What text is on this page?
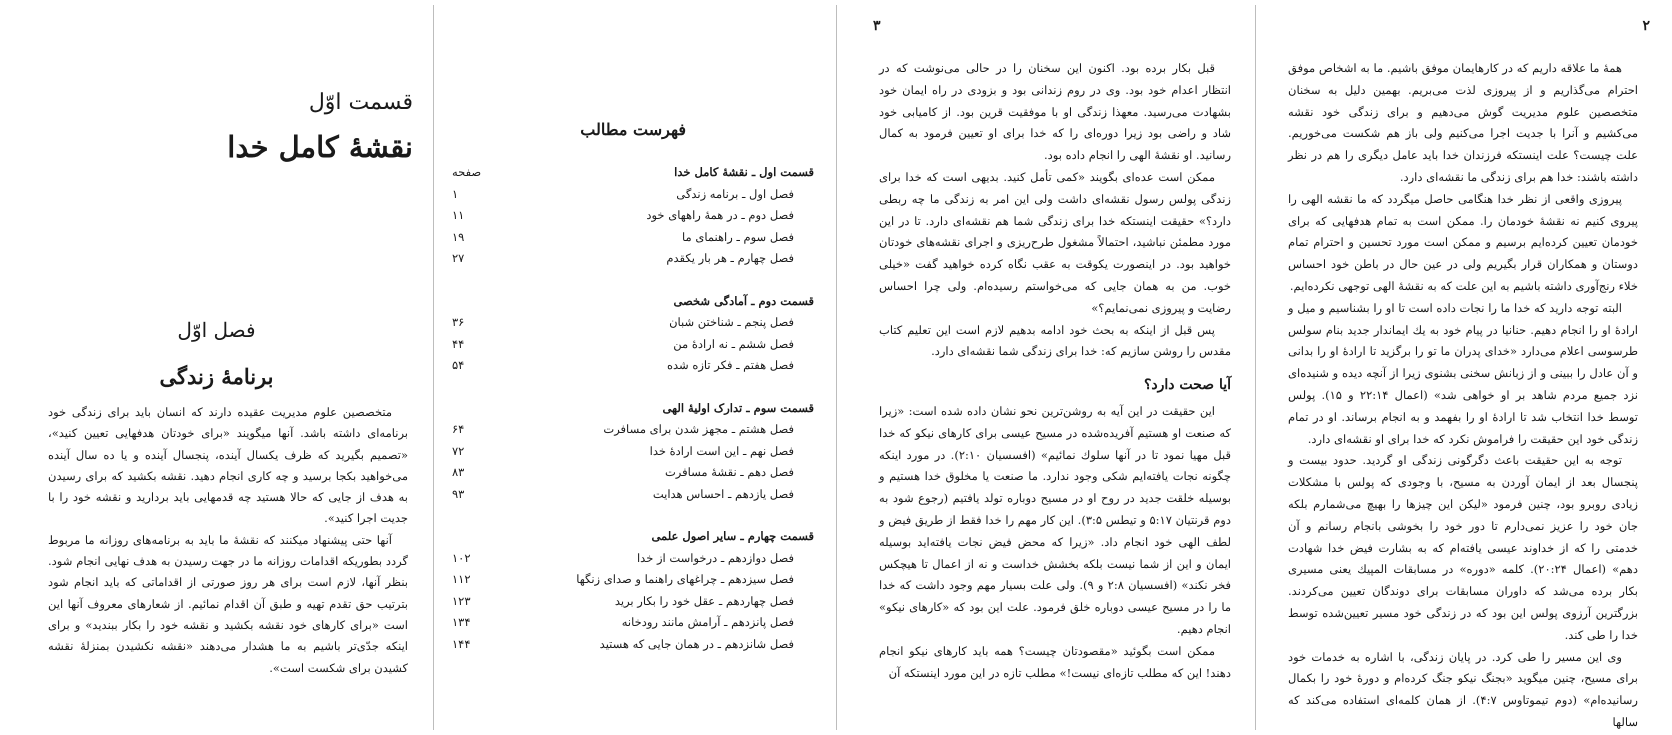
قسمت اوّل
نقشهٔ کامل خدا
فصل اوّل
برنامهٔ زندگی

متخصصین علوم مدیریت عقیده دارند که انسان باید برای زندگی خود برنامه‌ای داشته باشد. آنها میگویند «برای خودتان هدفهایی تعیین کنید»، «تصمیم بگیرید که ظرف یکسال آینده، پنجسال آینده و یا ده سال آینده می‌خواهید بکجا برسید و چه کاری انجام دهید. نقشه بکشید که برای رسیدن به هدف از جایی که حالا هستید چه قدمهایی باید بردارید و نقشه خود را با جدیت اجرا کنید».

آنها حتی پیشنهاد میکنند که نقشهٔ ما باید به برنامه‌های روزانه ما مربوط گردد بطوریکه اقدامات روزانه ما در جهت رسیدن به هدف نهایی انجام شود. بنظر آنها، لازم است برای هر روز صورتی از اقداماتی که باید انجام شود بترتیب حق تقدم تهیه و طبق آن اقدام نمائیم. از شعارهای معروف آنها این است «برای کارهای خود نقشه بکشید و نقشه خود را بکار ببندید» و برای اینکه جدّی‌تر باشیم به ما هشدار می‌دهند «نقشه نکشیدن بمنزلهٔ نقشه کشیدن برای شکست است».

فهرست مطالب
قسمت اول ـ نقشهٔ کامل خدا
صفحه
فصل اول ـ برنامه زندگی
۱
فصل دوم ـ در همهٔ راههای خود
۱۱
فصل سوم ـ راهنمای ما
۱۹
فصل چهارم ـ هر بار یکقدم
۲۷
قسمت دوم ـ آمادگی شخصی
فصل پنجم ـ شناختن شبان
۳۶
فصل ششم ـ نه ارادهٔ من
۴۴
فصل هفتم ـ فکر تازه شده
۵۴
قسمت سوم ـ تدارک اولیهٔ الهی
فصل هشتم ـ مجهز شدن برای مسافرت
۶۴
فصل نهم ـ این است ارادهٔ خدا
۷۲
فصل دهم ـ نقشهٔ مسافرت
۸۳
فصل یازدهم ـ احساس هدایت
۹۳
قسمت چهارم ـ سایر اصول علمی
فصل دوازدهم ـ درخواست از خدا
۱۰۲
فصل سیزدهم ـ چراغهای راهنما و صدای زنگها
۱۱۲
فصل چهاردهم ـ عقل خود را بکار برید
۱۲۳
فصل پانزدهم ـ آرامش مانند رودخانه
۱۳۴
فصل شانزدهم ـ در همان جایی که هستید
۱۴۴
۳

قبل بکار برده بود. اکنون این سخنان را در حالی می‌نوشت که در انتظار اعدام خود بود. وی در روم زندانی بود و بزودی در راه ایمان خود بشهادت می‌رسید. معهذا زندگی او با موفقیت قرین بود. از کامیابی خود شاد و راضی بود زیرا دوره‌ای را که خدا برای او تعیین فرمود به کمال رسانید. او نقشهٔ الهی را انجام داده بود.

ممکن است عده‌ای بگویند «کمی تأمل کنید. بدیهی است که خدا برای زندگی پولس رسول نقشه‌ای داشت ولی این امر به زندگی ما چه ربطی دارد؟» حقیقت اینستکه خدا برای زندگی شما هم نقشه‌ای دارد. تا در این مورد مطمئن نباشید، احتمالاً مشغول طرح‌ریزی و اجرای نقشه‌های خودتان خواهید بود. در اینصورت یکوقت به عقب نگاه کرده خواهید گفت «خیلی خوب. من به همان جایی که می‌خواستم رسیده‌ام. ولی چرا احساس رضایت و پیروزی نمی‌نمایم؟»

پس قبل از اینکه به بحث خود ادامه بدهیم لازم است این تعلیم کتاب مقدس را روشن سازیم که: خدا برای زندگی شما نقشه‌ای دارد.

آیا صحت دارد؟

این حقیقت در این آیه به روشن‌ترین نحو نشان داده شده است: «زیرا که صنعت او هستیم آفریده‌شده در مسیح عیسی برای کارهای نیکو که خدا قبل مهیا نمود تا در آنها سلوك نمائیم» (افسسیان ۲:۱۰). در مورد اینکه چگونه نجات یافته‌ایم شکی وجود ندارد. ما صنعت یا مخلوق خدا هستیم و بوسیله خلقت جدید در روح او در مسیح دوباره تولد یافتیم (رجوع شود به دوم قرنتیان ۵:۱۷ و تیطس ۳:۵). این کار مهم را خدا فقط از طریق فیض و لطف الهی خود انجام داد. «زیرا که محض فیض نجات یافته‌اید بوسیله ایمان و این از شما نیست بلکه بخشش خداست و نه از اعمال تا هیچکس فخر نکند» (افسسیان ۲:۸ و ۹). ولی علت بسیار مهم وجود داشت که خدا ما را در مسیح عیسی دوباره خلق فرمود. علت این بود که «کارهای نیکو» انجام دهیم.

ممکن است بگوئید «مقصودتان چیست؟ همه باید کارهای نیکو انجام دهند! این که مطلب تازه‌ای نیست!» مطلب تازه در این مورد اینستکه آن

۲

همهٔ ما علاقه داریم که در کارهایمان موفق باشیم. ما به اشخاص موفق احترام می‌گذاریم و از پیروزی لذت می‌بریم. بهمین دلیل به سخنان متخصصین علوم مدیریت گوش می‌دهیم و برای زندگی خود نقشه می‌کشیم و آنرا با جدیت اجرا می‌کنیم ولی باز هم شکست می‌خوریم. علت چیست؟ علت اینستکه فرزندان خدا باید عامل دیگری را هم در نظر داشته باشند: خدا هم برای زندگی ما نقشه‌ای دارد.

پیروزی واقعی از نظر خدا هنگامی حاصل میگردد که ما نقشه الهی را پیروی کنیم نه نقشهٔ خودمان را. ممکن است به تمام هدفهایی که برای خودمان تعیین کرده‌ایم برسیم و ممکن است مورد تحسین و احترام تمام دوستان و همکاران قرار بگیریم ولی در عین حال در باطن خود احساس خلاء رنج‌آوری داشته باشیم به این علت که به نقشهٔ الهی توجهی نکرده‌ایم.

البته توجه دارید که خدا ما را نجات داده است تا او را بشناسیم و میل و ارادهٔ او را انجام دهیم. حنانیا در پیام خود به یك ایماندار جدید بنام سولس طرسوسی اعلام می‌دارد «خدای پدران ما تو را برگزید تا ارادهٔ او را بدانی و آن عادل را ببینی و از زبانش سخنی بشنوی زیرا از آنچه دیده و شنیده‌ای نزد جمیع مردم شاهد بر او خواهی شد» (اعمال ۲۲:۱۴ و ۱۵). پولس توسط خدا انتخاب شد تا ارادهٔ او را بفهمد و به انجام برساند. او در تمام زندگی خود این حقیقت را فراموش نکرد که خدا برای او نقشه‌ای دارد.

توجه به این حقیقت باعث دگرگونی زندگی او گردید. حدود بیست و پنجسال بعد از ایمان آوردن به مسیح، با وجودی که پولس با مشکلات زیادی روبرو بود، چنین فرمود «لیکن این چیزها را بهیچ می‌شمارم بلکه جان خود را عزیز نمی‌دارم تا دور خود را بخوشی بانجام رسانم و آن خدمتی را که از خداوند عیسی یافته‌ام که به بشارت فیض خدا شهادت دهم» (اعمال ۲۰:۲۴). کلمه «دوره» در مسابقات المپیك یعنی مسیری بکار برده می‌شد که داوران مسابقات برای دوندگان تعیین می‌کردند. بزرگترین آرزوی پولس این بود که در زندگی خود مسیر تعیین‌شده توسط خدا را طی کند.

وی این مسیر را طی کرد. در پایان زندگی، با اشاره به خدمات خود برای مسیح، چنین میگوید «بجنگ نیکو جنگ کرده‌ام و دورهٔ خود را بکمال رسانیده‌ام» (دوم تیموتاوس ۴:۷). از همان کلمه‌ای استفاده می‌کند که سالها
